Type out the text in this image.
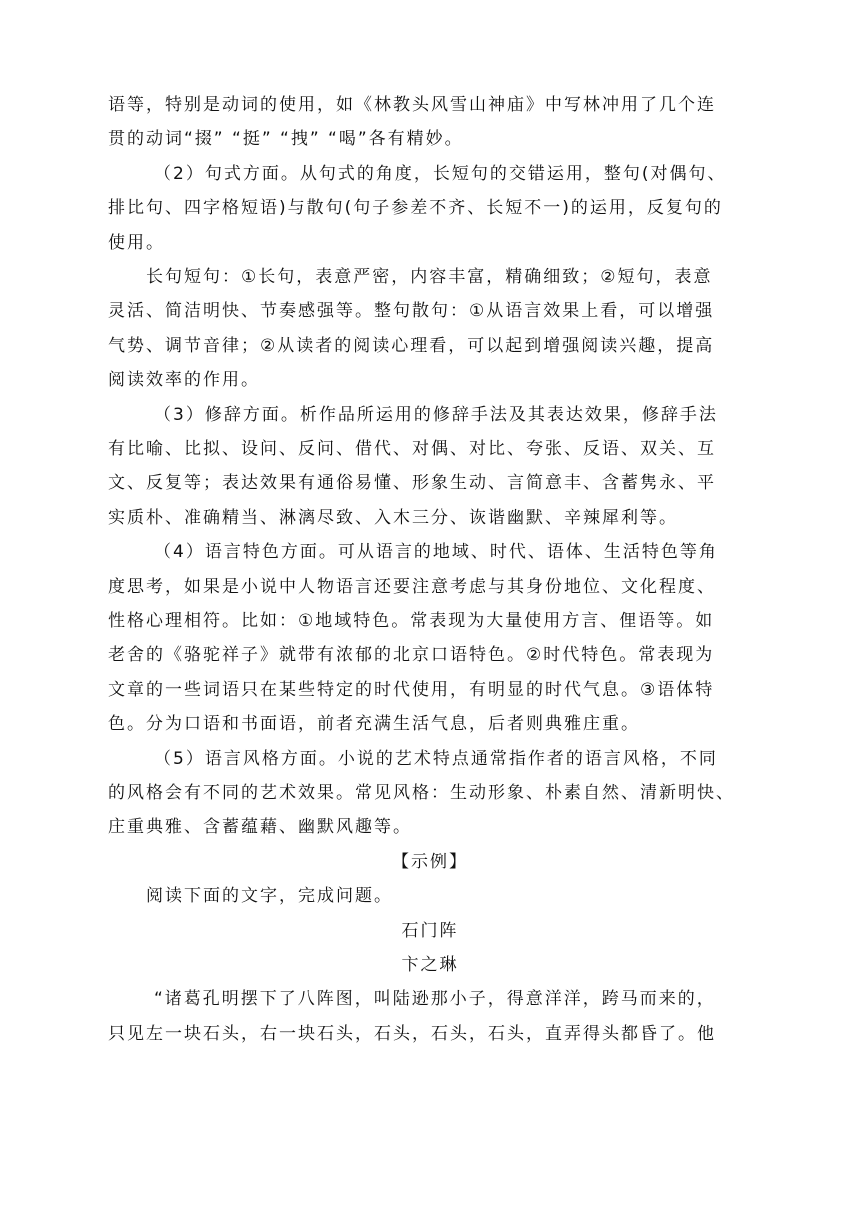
语等，特别是动词的使用，如《林教头风雪山神庙》中写林冲用了几个连
贯的动词“掇” “挺” “拽” “喝”各有精妙。
（2）句式方面。从句式的角度，长短句的交错运用，整句(对偶句、
排比句、四字格短语)与散句(句子参差不齐、长短不一)的运用，反复句的
使用。
长句短句：①长句，表意严密，内容丰富，精确细致；②短句，表意
灵活、简洁明快、节奏感强等。整句散句：①从语言效果上看，可以增强
气势、调节音律；②从读者的阅读心理看，可以起到增强阅读兴趣，提高
阅读效率的作用。
（3）修辞方面。析作品所运用的修辞手法及其表达效果，修辞手法
有比喻、比拟、设问、反问、借代、对偶、对比、夸张、反语、双关、互
文、反复等；表达效果有通俗易懂、形象生动、言简意丰、含蓄隽永、平
实质朴、准确精当、淋漓尽致、入木三分、诙谐幽默、辛辣犀利等。
（4）语言特色方面。可从语言的地域、时代、语体、生活特色等角
度思考，如果是小说中人物语言还要注意考虑与其身份地位、文化程度、
性格心理相符。比如：①地域特色。常表现为大量使用方言、俚语等。如
老舍的《骆驼祥子》就带有浓郁的北京口语特色。②时代特色。常表现为
文章的一些词语只在某些特定的时代使用，有明显的时代气息。③语体特
色。分为口语和书面语，前者充满生活气息，后者则典雅庄重。
（5）语言风格方面。小说的艺术特点通常指作者的语言风格，不同
的风格会有不同的艺术效果。常见风格：生动形象、朴素自然、清新明快、
庄重典雅、含蓄蕴藉、幽默风趣等。
【示例】
阅读下面的文字，完成问题。
石门阵
卞之琳
“诸葛孔明摆下了八阵图，叫陆逊那小子，得意洋洋，跨马而来的，
只见左一块石头，右一块石头，石头，石头，石头，直弄得头都昏了。他
